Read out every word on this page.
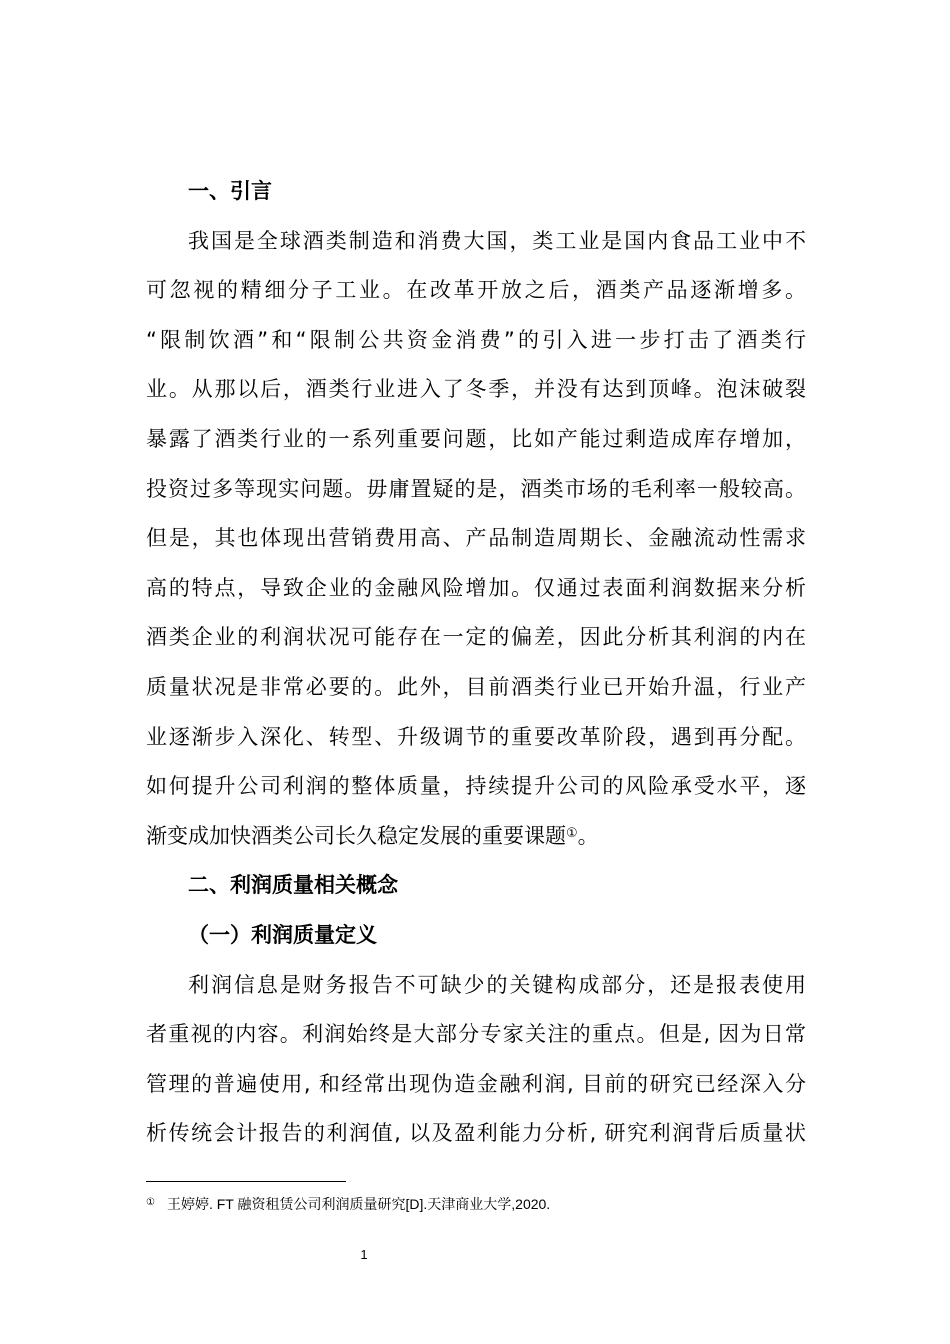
一、引言

我国是全球酒类制造和消费大国，类工业是国内食品工业中不
可忽视的精细分子工业。在改革开放之后，酒类产品逐渐增多。
“限制饮酒”和“限制公共资金消费”的引入进一步打击了酒类行
业。从那以后，酒类行业进入了冬季，并没有达到顶峰。泡沫破裂
暴露了酒类行业的一系列重要问题，比如产能过剩造成库存增加，
投资过多等现实问题。毋庸置疑的是，酒类市场的毛利率一般较高。
但是，其也体现出营销费用高、产品制造周期长、金融流动性需求
高的特点，导致企业的金融风险增加。仅通过表面利润数据来分析
酒类企业的利润状况可能存在一定的偏差，因此分析其利润的内在
质量状况是非常必要的。此外，目前酒类行业已开始升温，行业产
业逐渐步入深化、转型、升级调节的重要改革阶段，遇到再分配。
如何提升公司利润的整体质量，持续提升公司的风险承受水平，逐
渐变成加快酒类公司长久稳定发展的重要课题①。

二、利润质量相关概念

（一）利润质量定义

利润信息是财务报告不可缺少的关键构成部分，还是报表使用
者重视的内容。利润始终是大部分专家关注的重点。但是, 因为日常
管理的普遍使用, 和经常出现伪造金融利润, 目前的研究已经深入分
析传统会计报告的利润值, 以及盈利能力分析, 研究利润背后质量状
① 王婷婷. FT 融资租赁公司利润质量研究[D].天津商业大学,2020.
1
